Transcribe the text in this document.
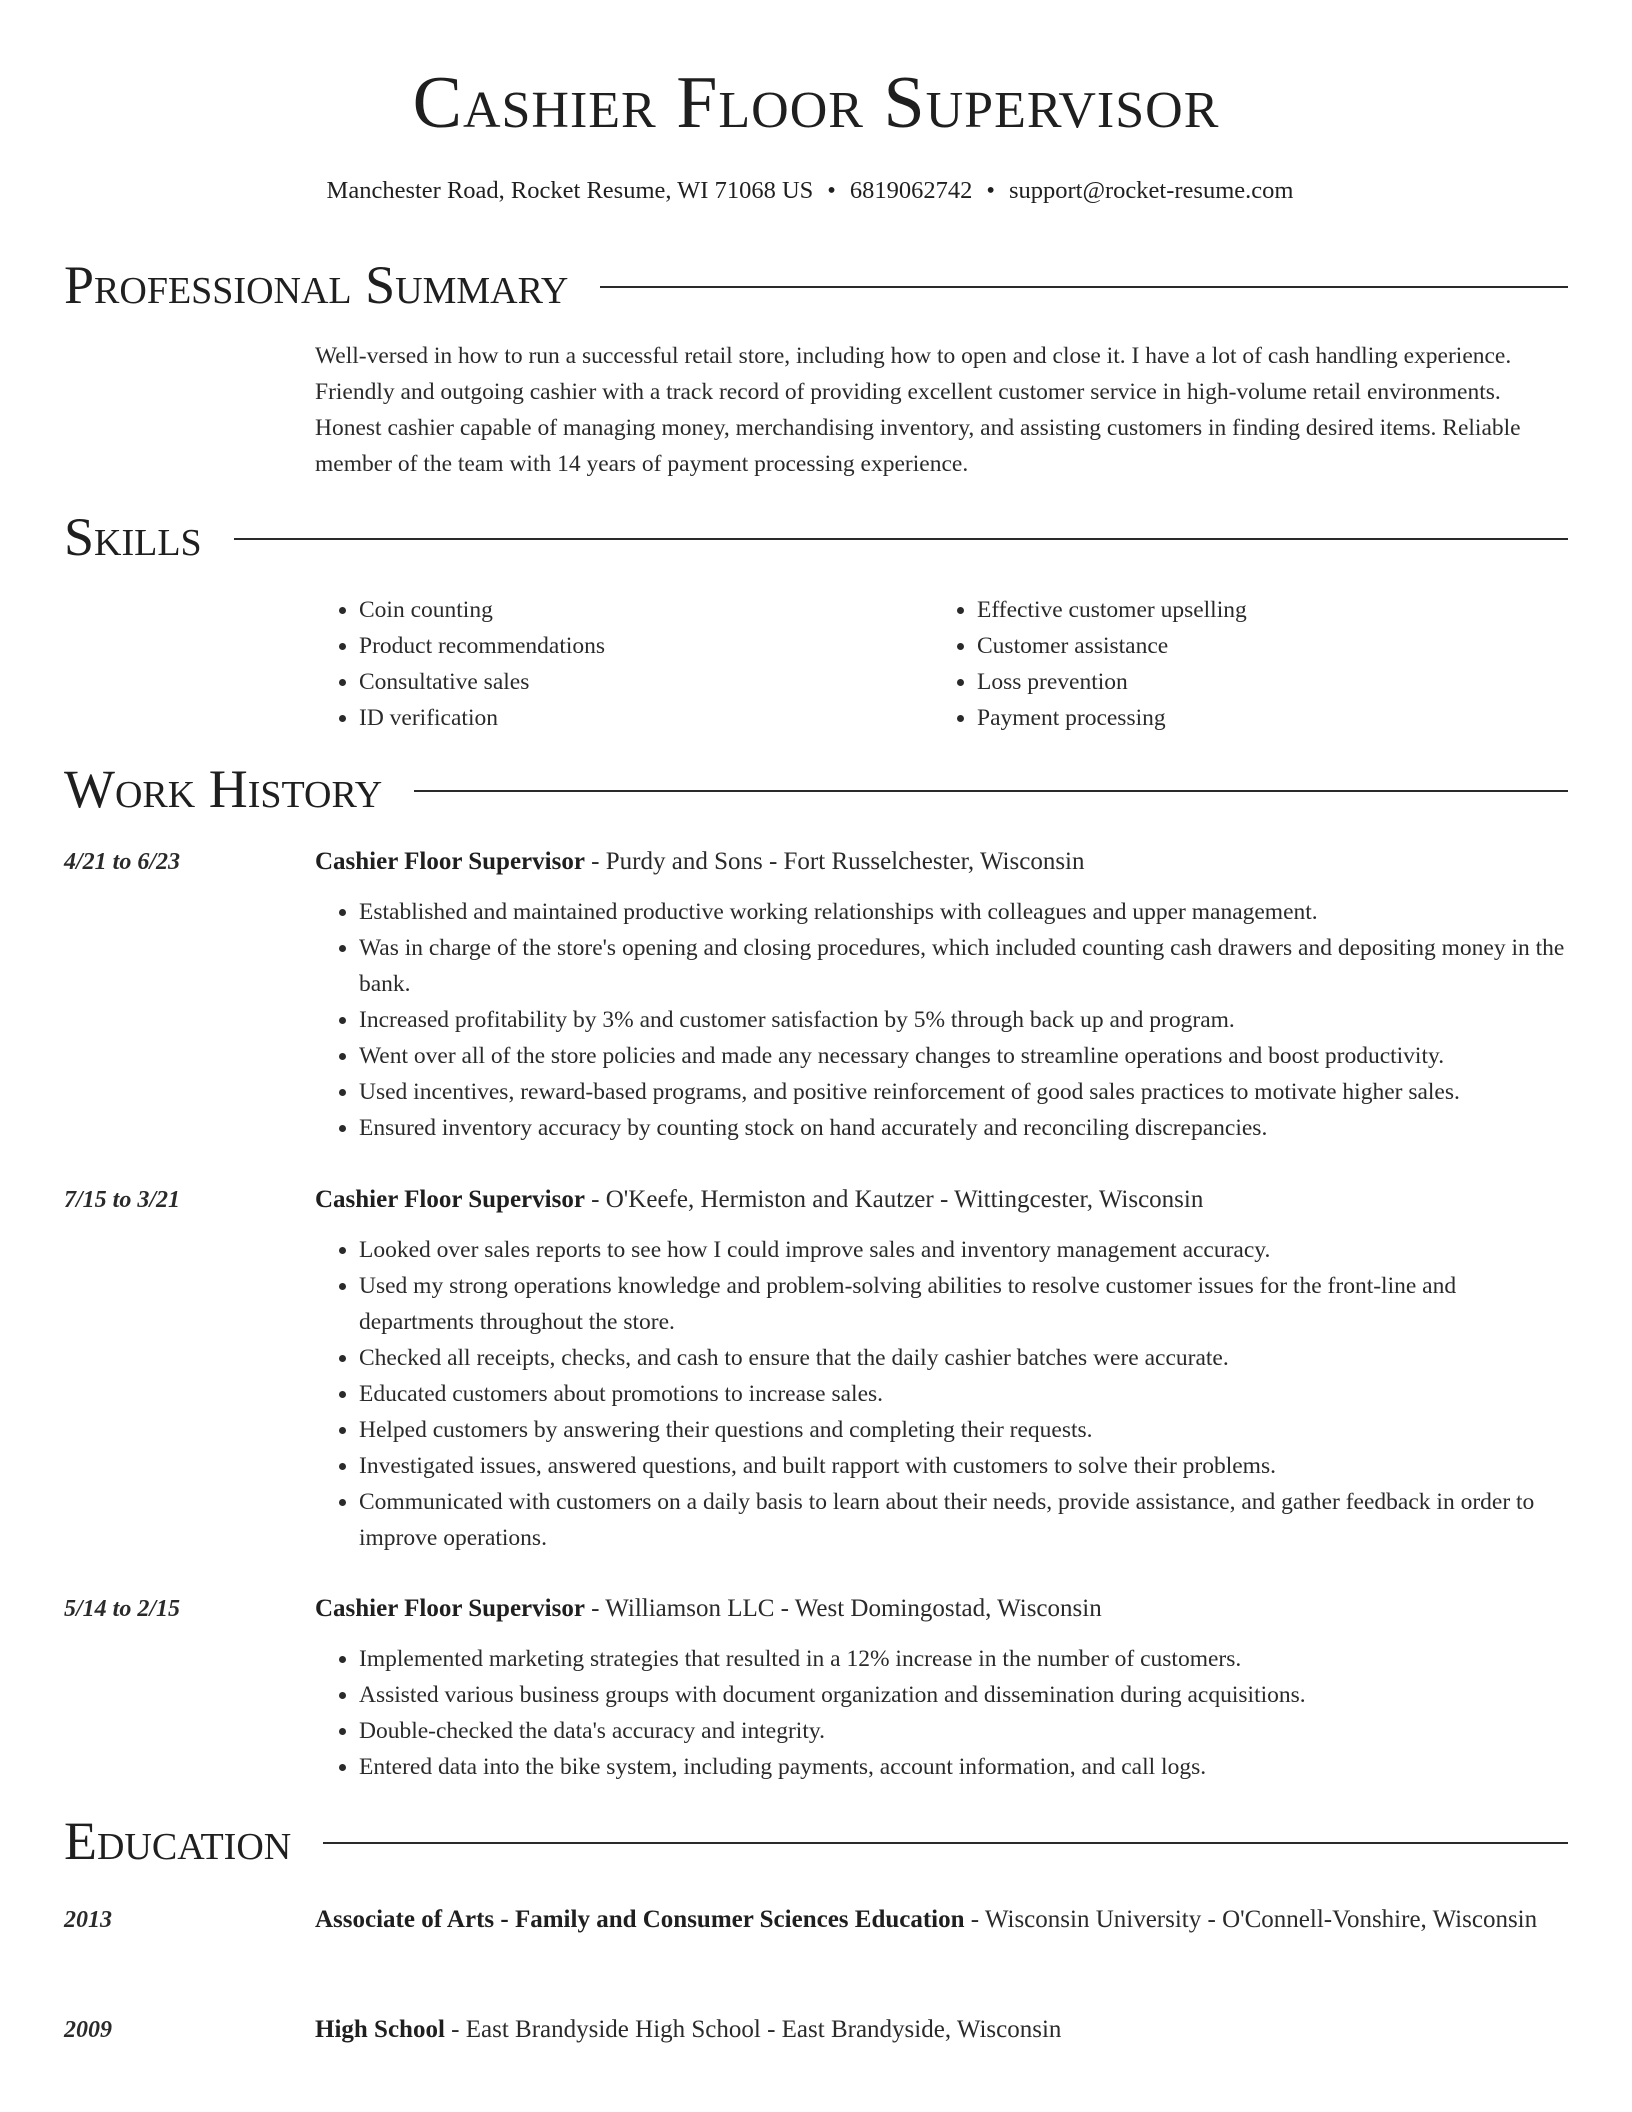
Cashier Floor Supervisor
Manchester Road, Rocket Resume, WI 71068 US • 6819062742 • support@rocket-resume.com
Professional Summary
Well-versed in how to run a successful retail store, including how to open and close it. I have a lot of cash handling experience. Friendly and outgoing cashier with a track record of providing excellent customer service in high-volume retail environments. Honest cashier capable of managing money, merchandising inventory, and assisting customers in finding desired items. Reliable member of the team with 14 years of payment processing experience.
Skills
• Coin counting
• Product recommendations
• Consultative sales
• ID verification
• Effective customer upselling
• Customer assistance
• Loss prevention
• Payment processing
Work History
4/21 to 6/23	Cashier Floor Supervisor - Purdy and Sons - Fort Russelchester, Wisconsin
• Established and maintained productive working relationships with colleagues and upper management.
• Was in charge of the store's opening and closing procedures, which included counting cash drawers and depositing money in the bank.
• Increased profitability by 3% and customer satisfaction by 5% through back up and program.
• Went over all of the store policies and made any necessary changes to streamline operations and boost productivity.
• Used incentives, reward-based programs, and positive reinforcement of good sales practices to motivate higher sales.
• Ensured inventory accuracy by counting stock on hand accurately and reconciling discrepancies.
7/15 to 3/21	Cashier Floor Supervisor - O'Keefe, Hermiston and Kautzer - Wittingcester, Wisconsin
• Looked over sales reports to see how I could improve sales and inventory management accuracy.
• Used my strong operations knowledge and problem-solving abilities to resolve customer issues for the front-line and departments throughout the store.
• Checked all receipts, checks, and cash to ensure that the daily cashier batches were accurate.
• Educated customers about promotions to increase sales.
• Helped customers by answering their questions and completing their requests.
• Investigated issues, answered questions, and built rapport with customers to solve their problems.
• Communicated with customers on a daily basis to learn about their needs, provide assistance, and gather feedback in order to improve operations.
5/14 to 2/15	Cashier Floor Supervisor - Williamson LLC - West Domingostad, Wisconsin
• Implemented marketing strategies that resulted in a 12% increase in the number of customers.
• Assisted various business groups with document organization and dissemination during acquisitions.
• Double-checked the data's accuracy and integrity.
• Entered data into the bike system, including payments, account information, and call logs.
Education
2013	Associate of Arts - Family and Consumer Sciences Education - Wisconsin University - O'Connell-Vonshire, Wisconsin
2009	High School - East Brandyside High School - East Brandyside, Wisconsin
